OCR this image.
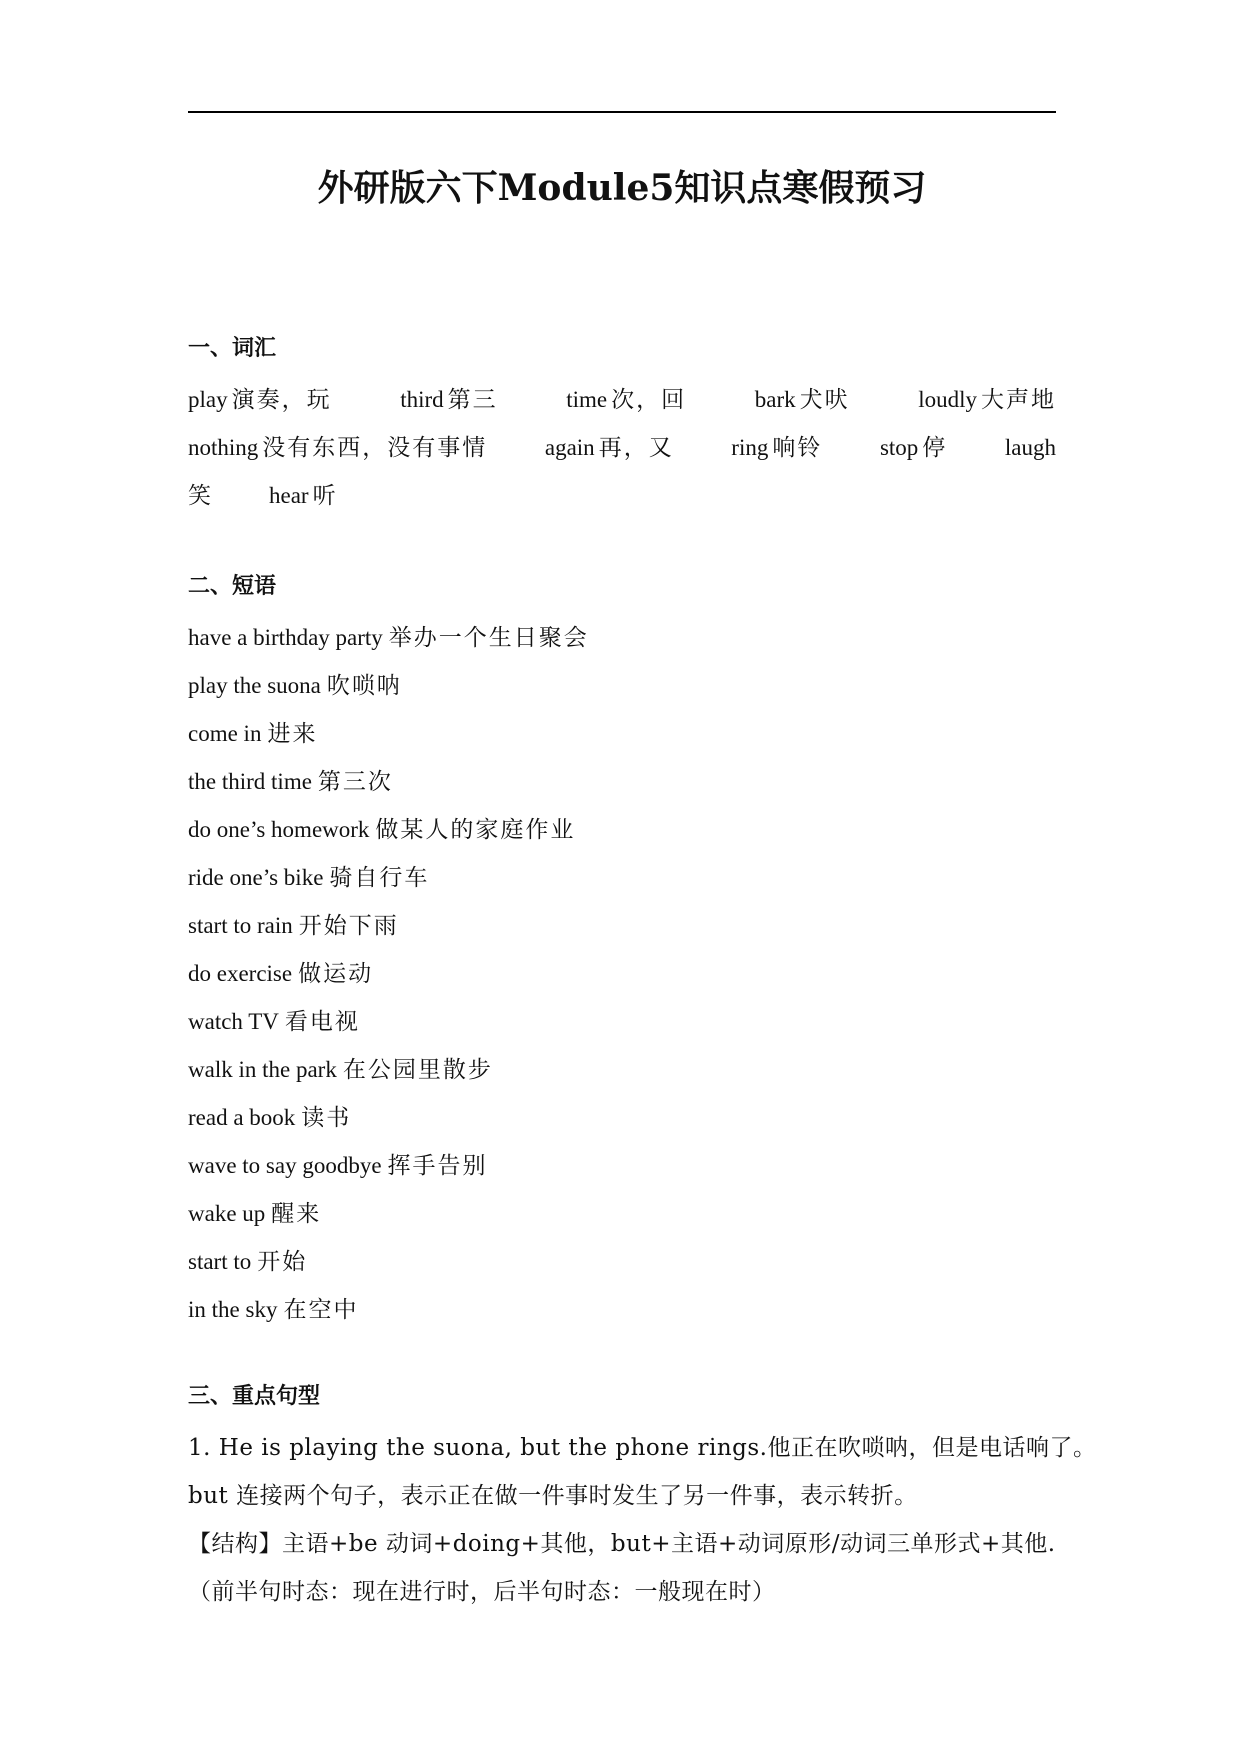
外研版六下Module5知识点寒假预习
一、词汇
play 演奏，玩	third 第三	time 次，回	bark 犬吠	loudly 大声地
nothing 没有东西，没有事情	again 再，又	ring 响铃	stop 停	laugh
笑 hear 听
二、短语
have a birthday party 举办一个生日聚会
play the suona 吹唢呐
come in 进来
the third time 第三次
do one’s homework 做某人的家庭作业
ride one’s bike 骑自行车
start to rain 开始下雨
do exercise 做运动
watch TV 看电视
walk in the park 在公园里散步
read a book 读书
wave to say goodbye 挥手告别
wake up 醒来
start to 开始
in the sky 在空中
三、重点句型
1. He is playing the suona, but the phone rings.他正在吹唢呐，但是电话响了。
but 连接两个句子，表示正在做一件事时发生了另一件事，表示转折。
【结构】主语+be 动词+doing+其他，but+主语+动词原形/动词三单形式+其他.
（前半句时态：现在进行时，后半句时态：一般现在时）
